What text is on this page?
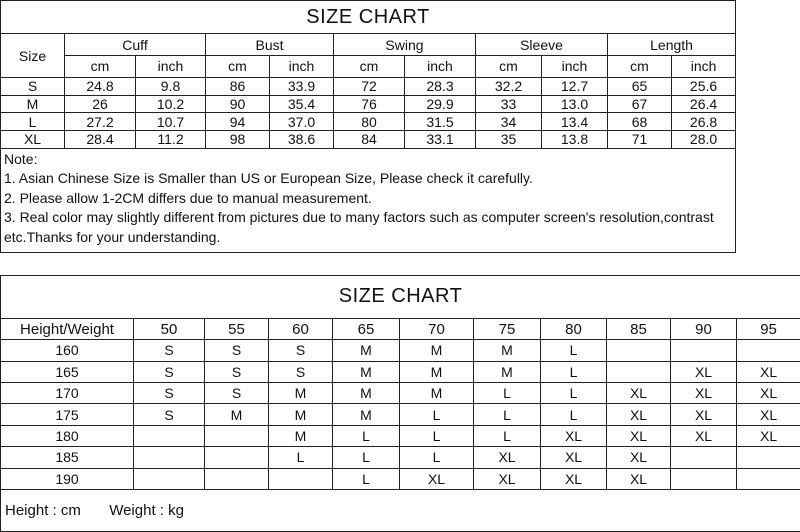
SIZE CHART										
Size	Cuff		Bust		Swing		Sleeve		Length	
	cm	inch	cm	inch	cm	inch	cm	inch	cm	inch
S	24.8	9.8	86	33.9	72	28.3	32.2	12.7	65	25.6
M	26	10.2	90	35.4	76	29.9	33	13.0	67	26.4
L	27.2	10.7	94	37.0	80	31.5	34	13.4	68	26.8
XL	28.4	11.2	98	38.6	84	33.1	35	13.8	71	28.0

Note:
1. Asian Chinese Size is Smaller than US or European Size, Please check it carefully.
2. Please allow 1-2CM differs due to manual measurement.
3. Real color may slightly different from pictures due to many factors such as computer screen's resolution,contrast etc.Thanks for your understanding.										
SIZE CHART										
Height/Weight	50	55	60	65	70	75	80	85	90	95
160	S	S	S	M	M	M	L			
165	S	S	S	M	M	M	L		XL	XL
170	S	S	M	M	M	L	L	XL	XL	XL
175	S	M	M	M	L	L	L	XL	XL	XL
180			M	L	L	L	XL	XL	XL	XL
185			L	L	L	XL	XL	XL		
190				L	XL	XL	XL	XL		
Height : cm Weight : kg										
